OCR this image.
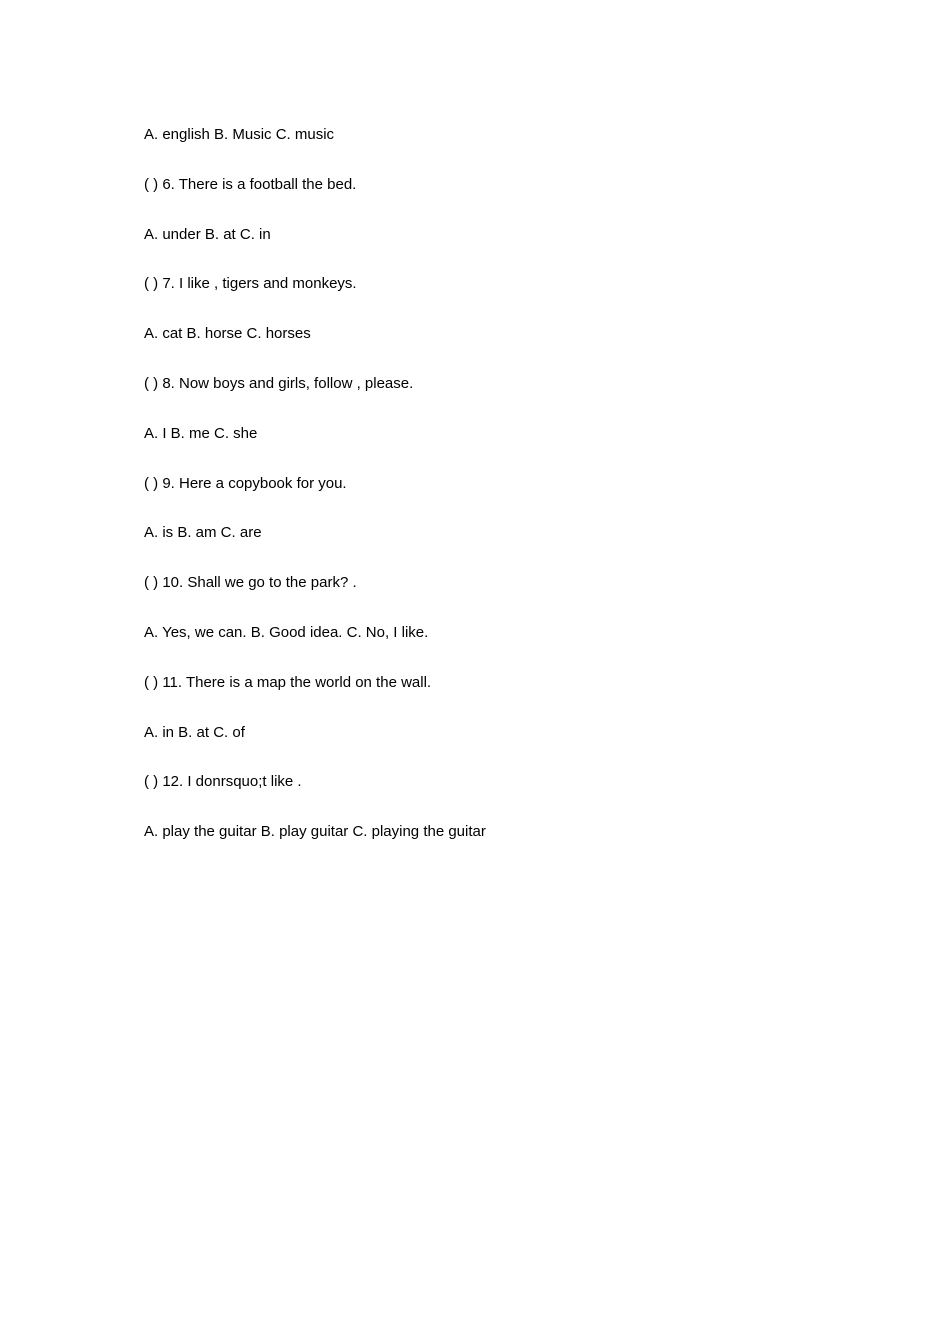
A. english B. Music C. music
( ) 6. There is a football the bed.
A. under B. at C. in
( ) 7. I like , tigers and monkeys.
A. cat B. horse C. horses
( ) 8. Now boys and girls, follow , please.
A. I B. me C. she
( ) 9. Here a copybook for you.
A. is B. am C. are
( ) 10. Shall we go to the park? .
A. Yes, we can. B. Good idea. C. No, I like.
( ) 11. There is a map the world on the wall.
A. in B. at C. of
( ) 12. I donrsquo;t like .
A. play the guitar B. play guitar C. playing the guitar
